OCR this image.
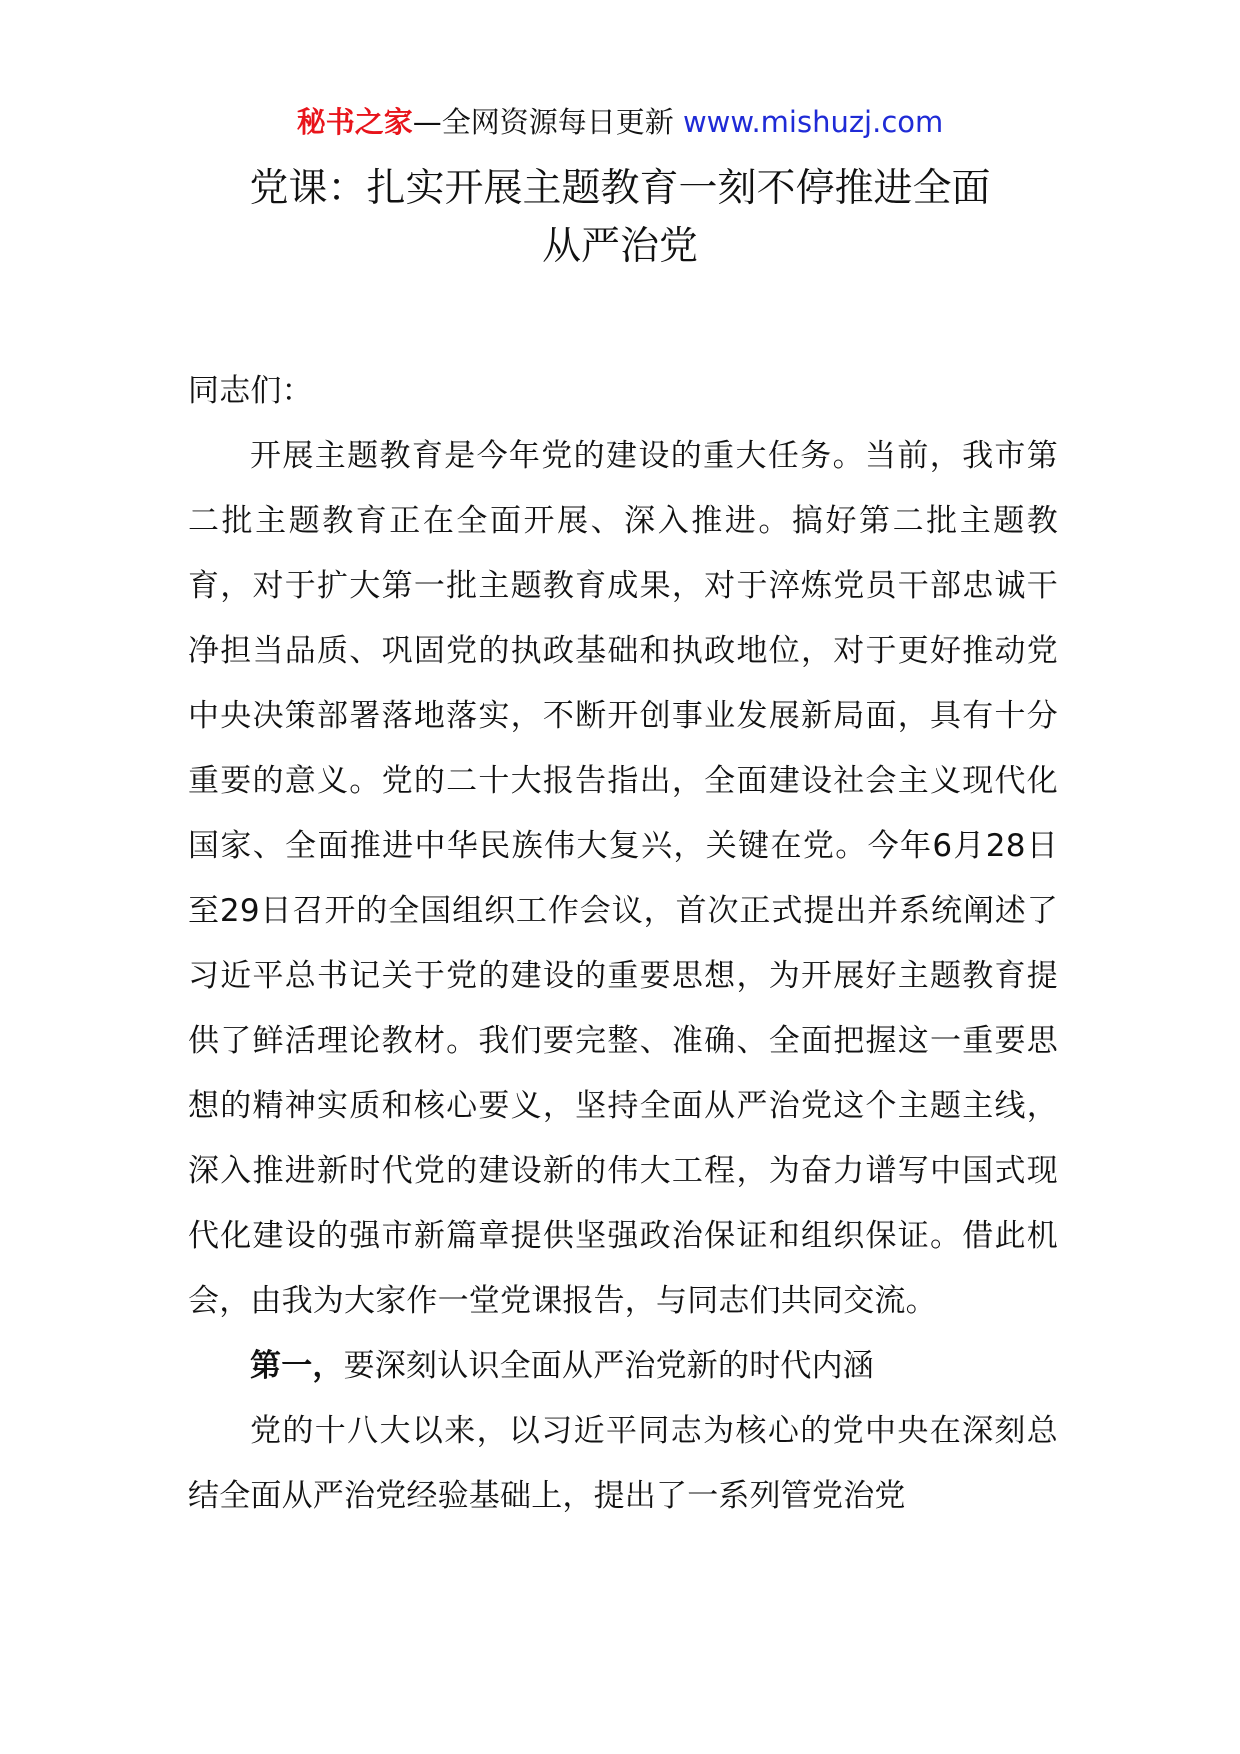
秘书之家—全网资源每日更新 www.mishuzj.com
党课：扎实开展主题教育一刻不停推进全面
从严治党

同志们：

开展主题教育是今年党的建设的重大任务。当前，我市第二批主题教育正在全面开展、深入推进。搞好第二批主题教育，对于扩大第一批主题教育成果，对于淬炼党员干部忠诚干净担当品质、巩固党的执政基础和执政地位，对于更好推动党中央决策部署落地落实，不断开创事业发展新局面，具有十分重要的意义。党的二十大报告指出，全面建设社会主义现代化国家、全面推进中华民族伟大复兴，关键在党。今年6月28日至29日召开的全国组织工作会议，首次正式提出并系统阐述了习近平总书记关于党的建设的重要思想，为开展好主题教育提供了鲜活理论教材。我们要完整、准确、全面把握这一重要思想的精神实质和核心要义，坚持全面从严治党这个主题主线，深入推进新时代党的建设新的伟大工程，为奋力谱写中国式现代化建设的强市新篇章提供坚强政治保证和组织保证。借此机会，由我为大家作一堂党课报告，与同志们共同交流。

第一，要深刻认识全面从严治党新的时代内涵

党的十八大以来，以习近平同志为核心的党中央在深刻总结全面从严治党经验基础上，提出了一系列管党治党
